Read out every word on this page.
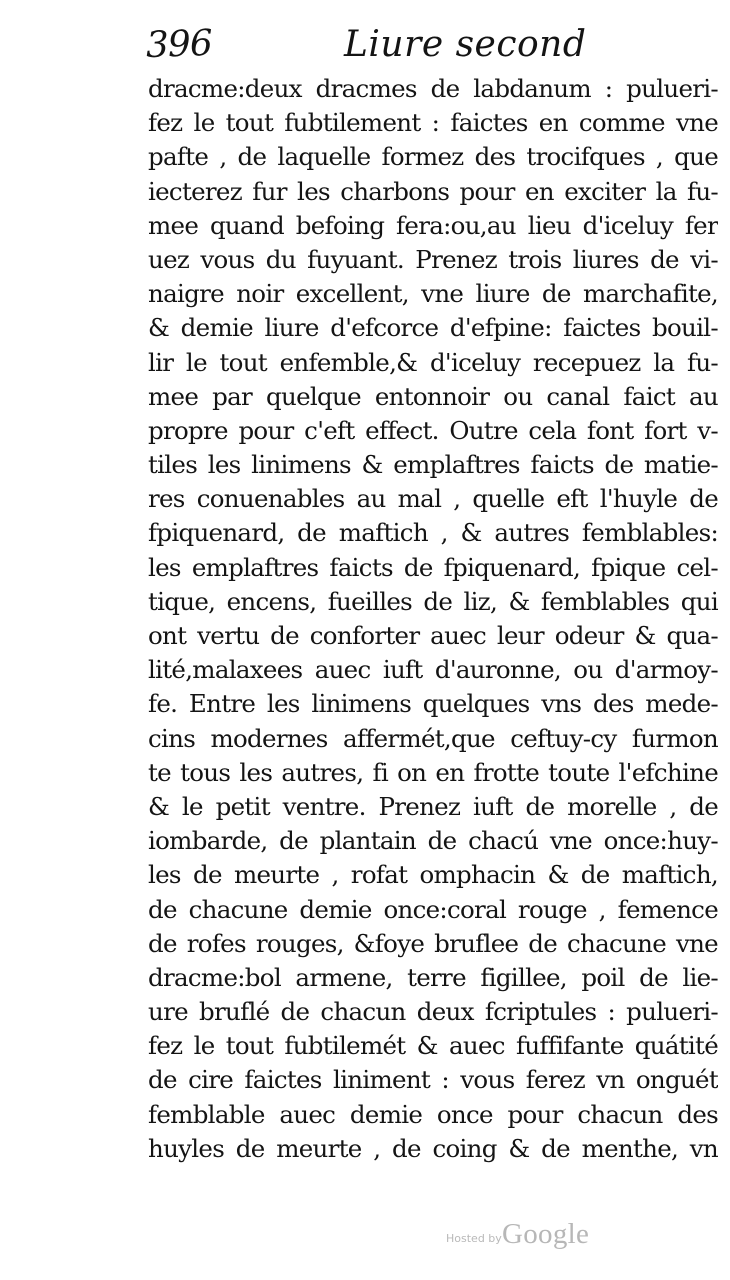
396	Liure second
dracme:deux dracmes de labdanum : pulueri-
fez le tout fubtilement : faictes en comme vne
pafte , de laquelle formez des trocifques , que
iecterez fur les charbons pour en exciter la fu-
mee quand befoing fera:ou,au lieu d'iceluy fer
uez vous du fuyuant. Prenez trois liures de vi-
naigre noir excellent, vne liure de marchafite,
& demie liure d'efcorce d'efpine: faictes bouil-
lir le tout enfemble,& d'iceluy recepuez la fu-
mee par quelque entonnoir ou canal faict au
propre pour c'eft effect. Outre cela font fort v-
tiles les linimens & emplaftres faicts de matie-
res conuenables au mal , quelle eft l'huyle de
fpiquenard, de maftich , & autres femblables:
les emplaftres faicts de fpiquenard, fpique cel-
tique, encens, fueilles de liz, & femblables qui
ont vertu de conforter auec leur odeur & qua-
lité,malaxees auec iuft d'auronne, ou d'armoy-
fe. Entre les linimens quelques vns des mede-
cins modernes affermét,que ceftuy-cy furmon
te tous les autres, fi on en frotte toute l'efchine
& le petit ventre. Prenez iuft de morelle , de
iombarde, de plantain de chacú vne once:huy-
les de meurte , rofat omphacin & de maftich,
de chacune demie once:coral rouge , femence
de rofes rouges, &foye bruflee de chacune vne
dracme:bol armene, terre figillee, poil de lie-
ure bruflé de chacun deux fcriptules : pulueri-
fez le tout fubtilemét & auec fuffifante quátité
de cire faictes liniment : vous ferez vn onguét
femblable auec demie once pour chacun des
huyles de meurte , de coing & de menthe, vn
Hosted by Google
